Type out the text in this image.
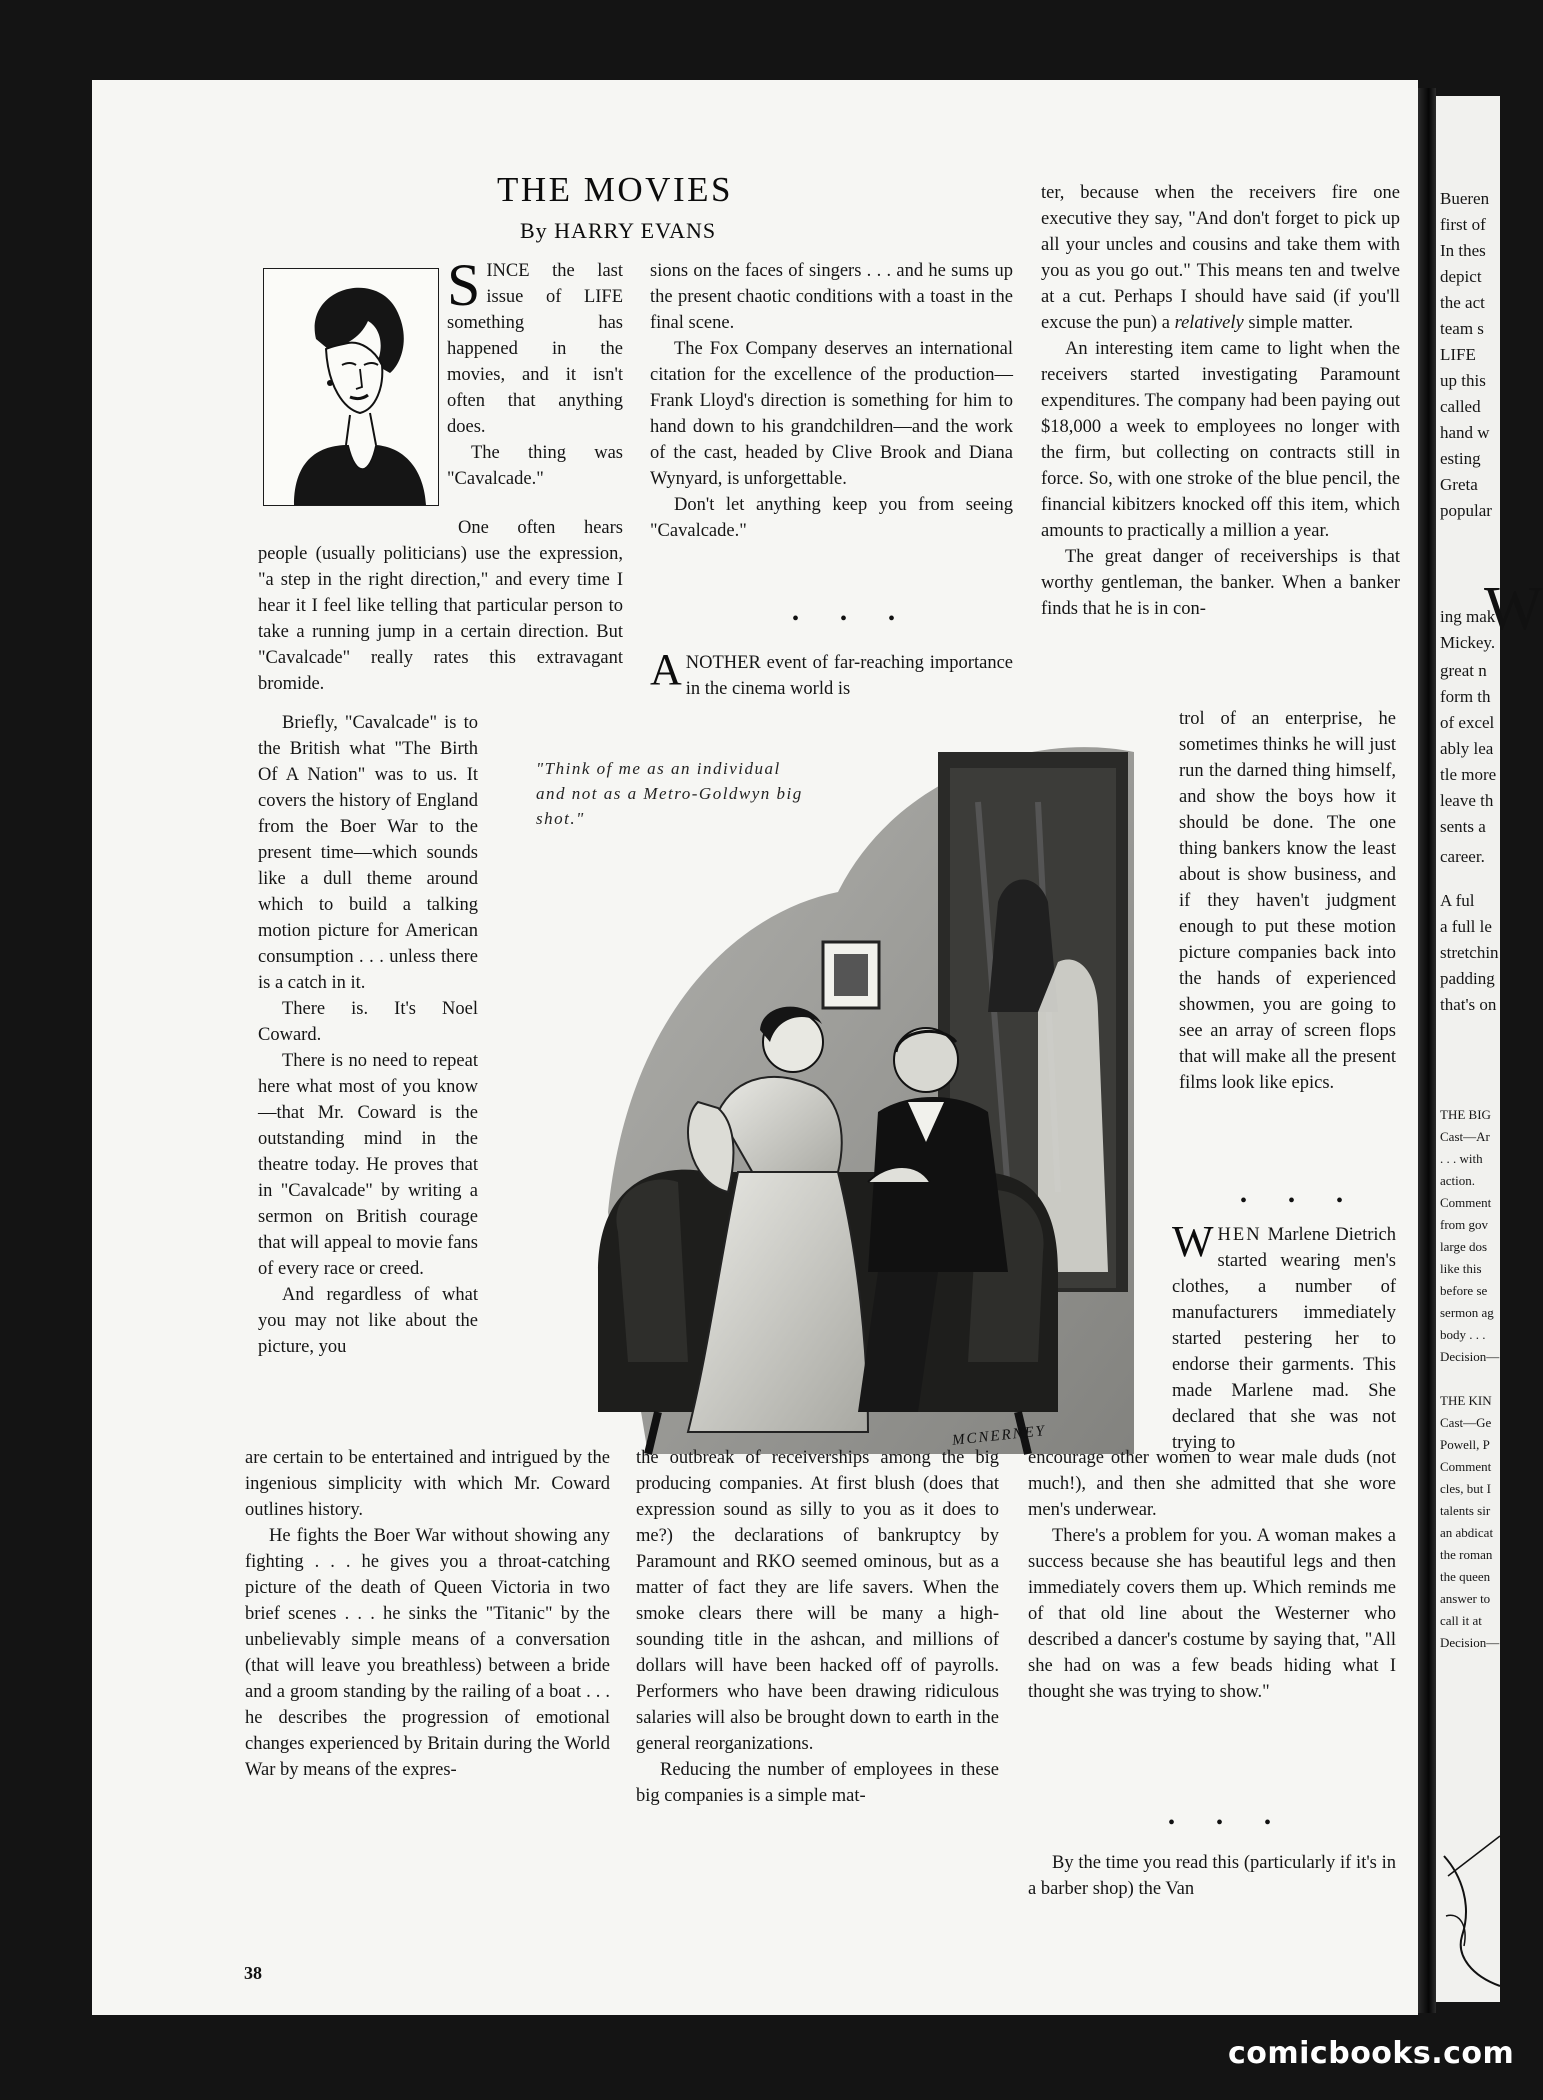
W
Bueren
first of
In thes
depict
the act
team s
LIFE
up this
called
hand w
esting
Greta
popular
ing mak
Mickey.
great n
form th
of excel
ably lea
tle more
leave th
sents a
career.
A ful
a full le
stretchin
padding
that's on
THE BIG
Cast—Ar
. . . with
action.
Comment
from gov
large dos
like this
before se
sermon ag
body . . .
Decision—
THE KIN
Cast—Ge
Powell, P
Comment
cles, but I
talents sir
an abdicat
the roman
the queen
answer to
call it at
Decision—
THE MOVIES
By HARRY EVANS

SINCE the last issue of LIFE something has happened in the movies, and it isn't often that anything does.

The thing was "Cavalcade."

One often hears people (usually politicians) use the expression, "a step in the right direction," and every time I hear it I feel like telling that particular person to take a running jump in a certain direction. But "Cavalcade" really rates this extravagant bromide.

Briefly, "Cavalcade" is to the British what "The Birth Of A Nation" was to us. It covers the history of England from the Boer War to the present time—which sounds like a dull theme around which to build a talking motion picture for American consumption . . . unless there is a catch in it.

There is. It's Noel Coward.

There is no need to repeat here what most of you know—that Mr. Coward is the outstanding mind in the theatre today. He proves that in "Cavalcade" by writing a sermon on British courage that will appeal to movie fans of every race or creed.

And regardless of what you may not like about the picture, you

are certain to be entertained and intrigued by the ingenious simplicity with which Mr. Coward outlines history.

He fights the Boer War without showing any fighting . . . he gives you a throat-catching picture of the death of Queen Victoria in two brief scenes . . . he sinks the "Titanic" by the unbelievably simple means of a conversation (that will leave you breathless) between a bride and a groom standing by the railing of a boat . . . he describes the progression of emotional changes experienced by Britain during the World War by means of the expres-

sions on the faces of singers . . . and he sums up the present chaotic conditions with a toast in the final scene.

The Fox Company deserves an international citation for the excellence of the production—Frank Lloyd's direction is something for him to hand down to his grandchildren—and the work of the cast, headed by Clive Brook and Diana Wynyard, is unforgettable.

Don't let anything keep you from seeing "Cavalcade."

• • •

ANOTHER event of far-reaching importance in the cinema world is

"Think of me as an individual and not as a Metro-Goldwyn big shot."
MCNERNEY

the outbreak of receiverships among the big producing companies. At first blush (does that expression sound as silly to you as it does to me?) the declarations of bankruptcy by Paramount and RKO seemed ominous, but as a matter of fact they are life savers. When the smoke clears there will be many a high-sounding title in the ashcan, and millions of dollars will have been hacked off of payrolls. Performers who have been drawing ridiculous salaries will also be brought down to earth in the general reorganizations.

Reducing the number of employees in these big companies is a simple mat-

ter, because when the receivers fire one executive they say, "And don't forget to pick up all your uncles and cousins and take them with you as you go out." This means ten and twelve at a cut. Perhaps I should have said (if you'll excuse the pun) a relatively simple matter.

An interesting item came to light when the receivers started investigating Paramount expenditures. The company had been paying out $18,000 a week to employees no longer with the firm, but collecting on contracts still in force. So, with one stroke of the blue pencil, the financial kibitzers knocked off this item, which amounts to practically a million a year.

The great danger of receiverships is that worthy gentleman, the banker. When a banker finds that he is in con-

trol of an enterprise, he sometimes thinks he will just run the darned thing himself, and show the boys how it should be done. The one thing bankers know the least about is show business, and if they haven't judgment enough to put these motion picture companies back into the hands of experienced showmen, you are going to see an array of screen flops that will make all the present films look like epics.

• • •

WHEN Marlene Dietrich started wearing men's clothes, a number of manufacturers immediately started pestering her to endorse their garments. This made Marlene mad. She declared that she was not trying to

encourage other women to wear male duds (not much!), and then she admitted that she wore men's underwear.

There's a problem for you. A woman makes a success because she has beautiful legs and then immediately covers them up. Which reminds me of that old line about the Westerner who described a dancer's costume by saying that, "All she had on was a few beads hiding what I thought she was trying to show."

• • •

By the time you read this (particularly if it's in a barber shop) the Van

38
comicbooks.com
